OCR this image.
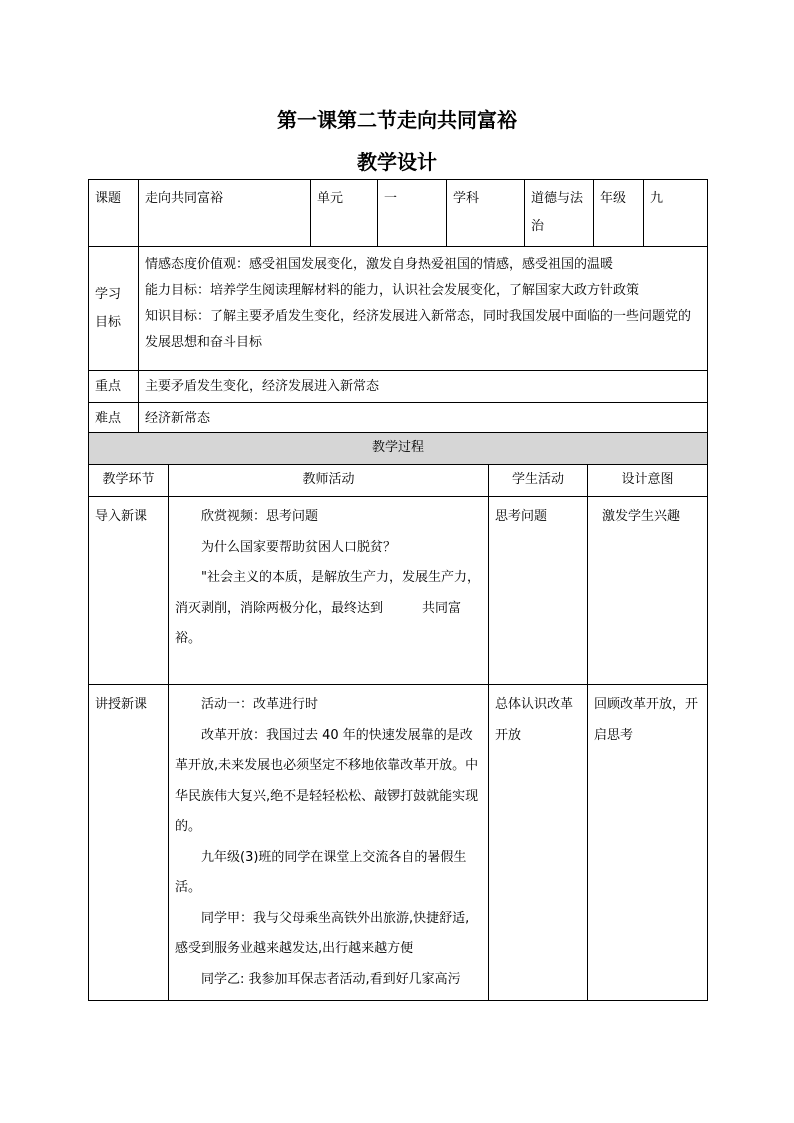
第一课第二节走向共同富裕
教学设计
课题	走向共同富裕	单元	一	学科	道德与法治	年级	九
学习目标	情感态度价值观：感受祖国发展变化，激发自身热爱祖国的情感，感受祖国的温暖

能力目标：培养学生阅读理解材料的能力，认识社会发展变化，了解国家大政方针政策

知识目标：了解主要矛盾发生变化，经济发展进入新常态，同时我国发展中面临的一些问题党的发展思想和奋斗目标						

重点	主要矛盾发生变化，经济发展进入新常态						
难点	经济新常态						
教学过程			
教学环节	教师活动	学生活动	设计意图
导入新课	欣赏视频：思考问题

为什么国家要帮助贫困人口脱贫？

"社会主义的本质，是解放生产力，发展生产力，消灭剥削，消除两极分化，最终达到　　　共同富裕。	思考问题	激发学生兴趣
讲授新课	活动一：改革进行时

改革开放：我国过去 40 年的快速发展靠的是改革开放,未来发展也必须坚定不移地依靠改革开放。中华民族伟大复兴,绝不是轻轻松松、敲锣打鼓就能实现的。

九年级(3)班的同学在课堂上交流各自的暑假生活。

同学甲：我与父母乘坐高铁外出旅游,快捷舒适,感受到服务业越来越发达,出行越来越方便

同学乙: 我参加耳保志者活动,看到好几家高污	总体认识改革开放	回顾改革开放，开启思考
